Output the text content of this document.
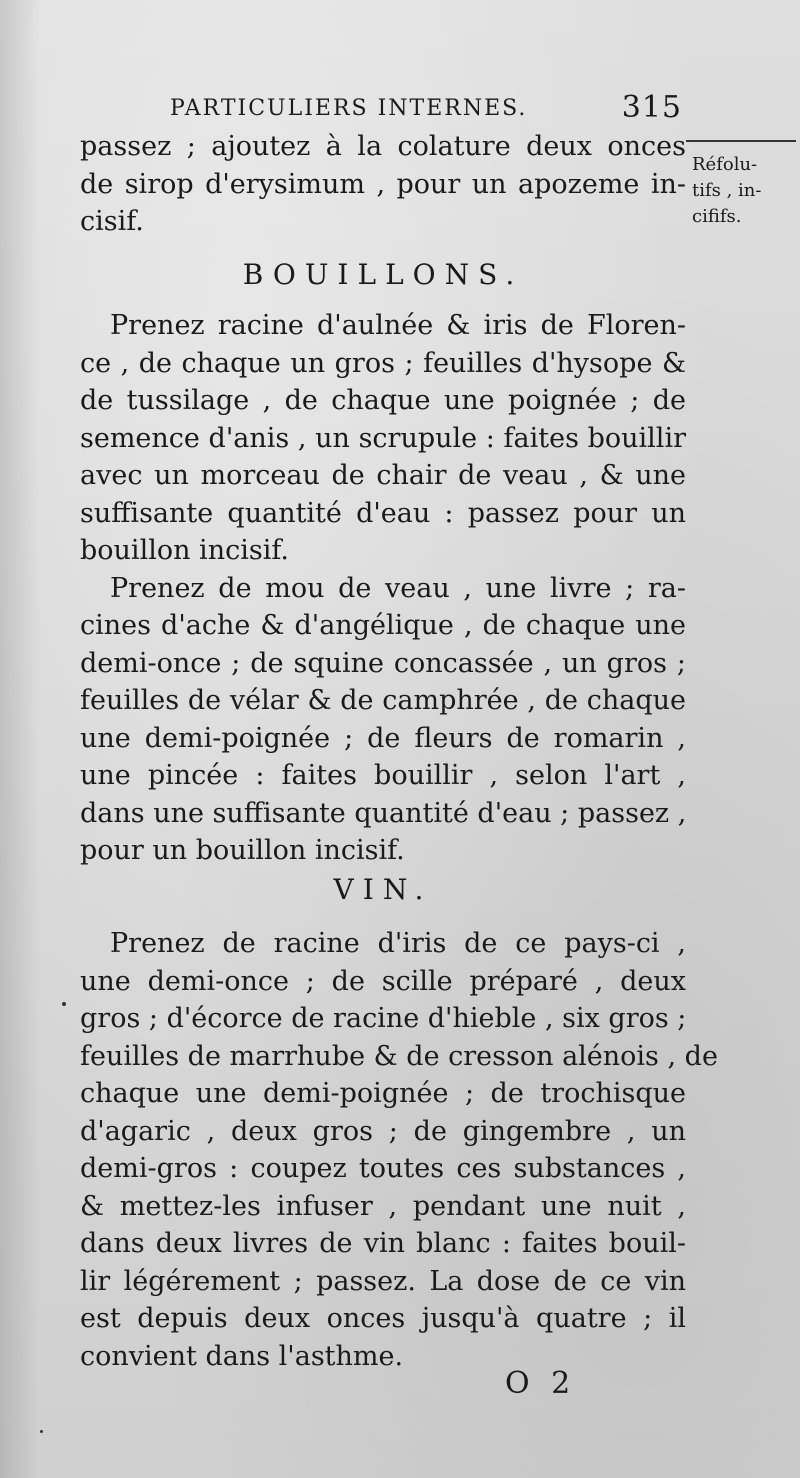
PARTICULIERS INTERNES.	315
Réfolu-
tifs , in-
cififs.
passez ; ajoutez à la colature deux onces
de sirop d'erysimum , pour un apozeme in-
cisif.
BOUILLONS.
Prenez racine d'aulnée & iris de Floren-
ce , de chaque un gros ; feuilles d'hysope &
de tussilage , de chaque une poignée ; de
semence d'anis , un scrupule : faites bouillir
avec un morceau de chair de veau , & une
suffisante quantité d'eau : passez pour un
bouillon incisif.
Prenez de mou de veau , une livre ; ra-
cines d'ache & d'angélique , de chaque une
demi-once ; de squine concassée , un gros ;
feuilles de vélar & de camphrée , de chaque
une demi-poignée ; de fleurs de romarin ,
une pincée : faites bouillir , selon l'art ,
dans une suffisante quantité d'eau ; passez ,
pour un bouillon incisif.
VIN.
Prenez de racine d'iris de ce pays-ci ,
une demi-once ; de scille préparé , deux
gros ; d'écorce de racine d'hieble , six gros ;
feuilles de marrhube & de cresson alénois , de
chaque une demi-poignée ; de trochisque
d'agaric , deux gros ; de gingembre , un
demi-gros : coupez toutes ces substances ,
& mettez-les infuser , pendant une nuit ,
dans deux livres de vin blanc : faites bouil-
lir légérement ; passez. La dose de ce vin
est depuis deux onces jusqu'à quatre ; il
convient dans l'asthme.
O 2
